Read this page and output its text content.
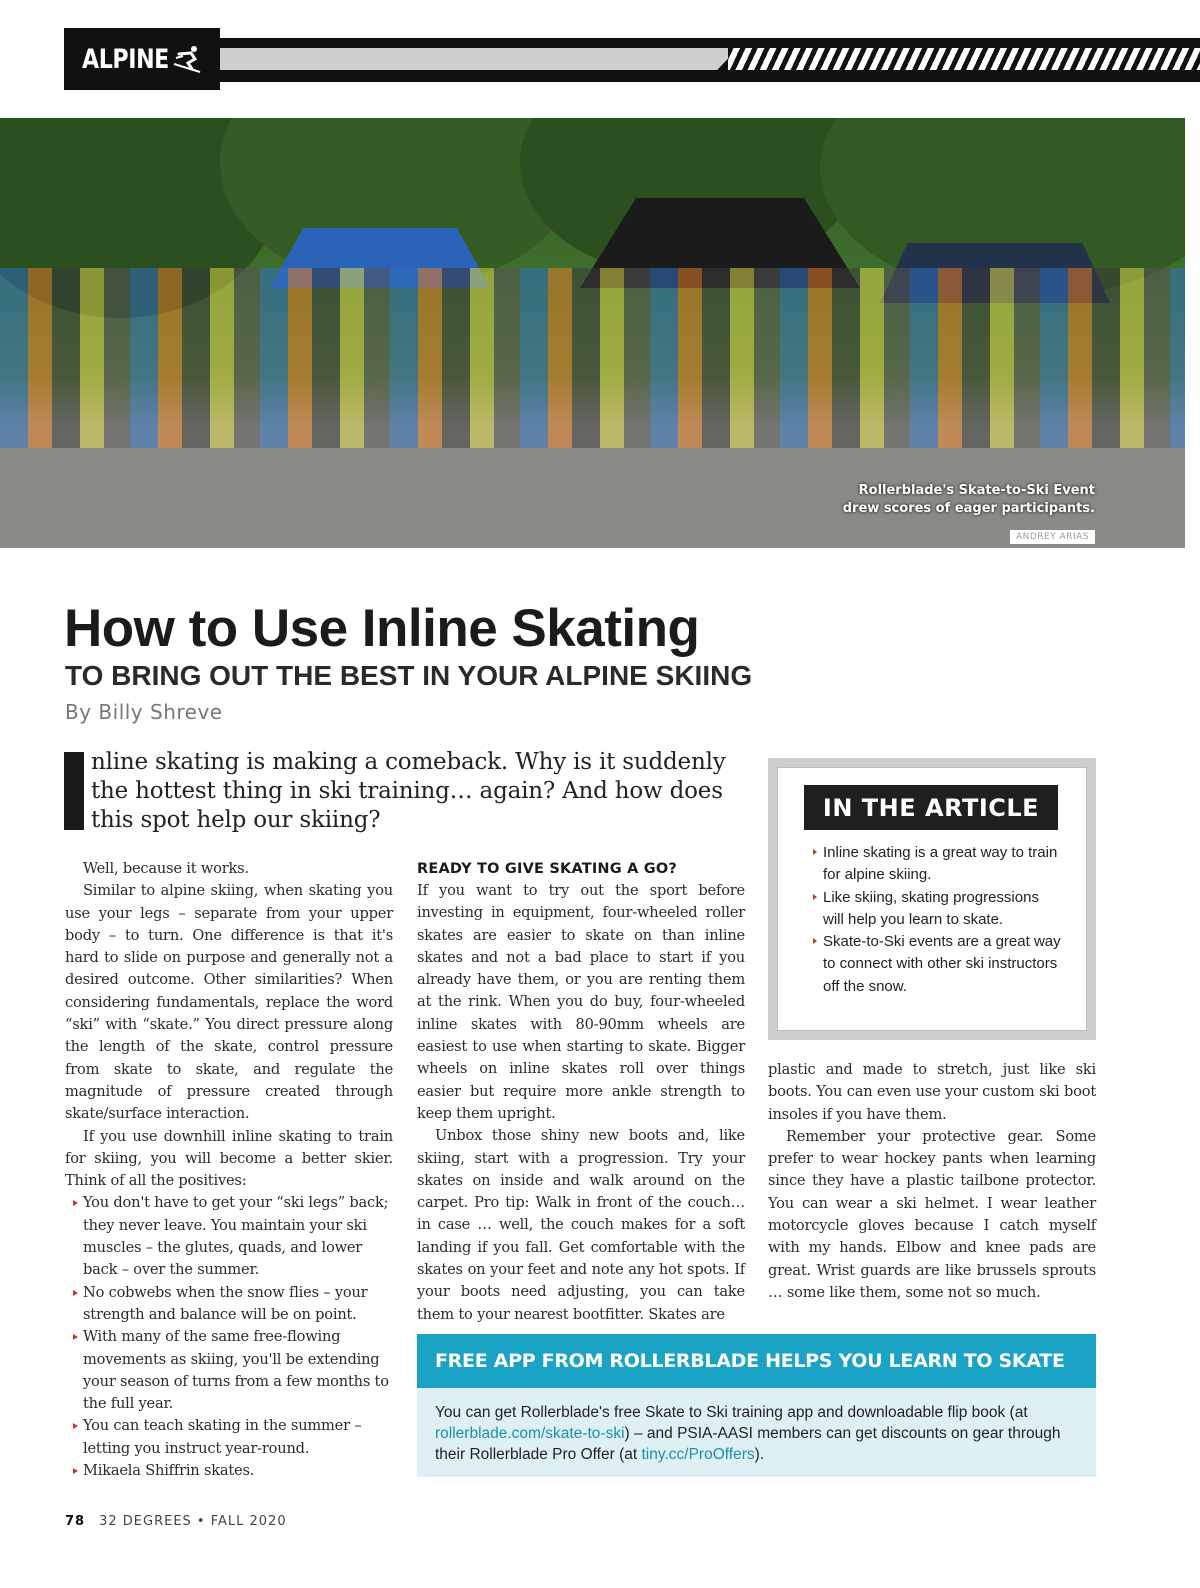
ALPINE
Rollerblade's Skate-to-Ski Event
drew scores of eager participants.
ANDREY ARIAS
How to Use Inline Skating
TO BRING OUT THE BEST IN YOUR ALPINE SKIING
By Billy Shreve

nline skating is making a comeback. Why is it suddenly the hottest thing in ski training… again? And how does this spot help our skiing?

Well, because it works.

Similar to alpine skiing, when skating you use your legs – separate from your upper body – to turn. One difference is that it's hard to slide on purpose and generally not a desired outcome. Other similarities? When considering fundamentals, replace the word “ski” with “skate.” You direct pressure along the length of the skate, control pressure from skate to skate, and regulate the magnitude of pressure created through skate/surface interaction.

If you use downhill inline skating to train for skiing, you will become a better skier. Think of all the positives:

You don't have to get your “ski legs” back; they never leave. You maintain your ski muscles – the glutes, quads, and lower back – over the summer.
No cobwebs when the snow flies – your strength and balance will be on point.
With many of the same free-flowing movements as skiing, you'll be extending your season of turns from a few months to the full year.
You can teach skating in the summer – letting you instruct year-round.
Mikaela Shiffrin skates.
READY TO GIVE SKATING A GO?

If you want to try out the sport before investing in equipment, four-wheeled roller skates are easier to skate on than inline skates and not a bad place to start if you already have them, or you are renting them at the rink. When you do buy, four-wheeled inline skates with 80-90mm wheels are easiest to use when starting to skate. Bigger wheels on inline skates roll over things easier but require more ankle strength to keep them upright.

Unbox those shiny new boots and, like skiing, start with a progression. Try your skates on inside and walk around on the carpet. Pro tip: Walk in front of the couch… in case … well, the couch makes for a soft landing if you fall. Get comfortable with the skates on your feet and note any hot spots. If your boots need adjusting, you can take them to your nearest bootfitter. Skates are

IN THE ARTICLE
Inline skating is a great way to train for alpine skiing.
Like skiing, skating progressions will help you learn to skate.
Skate-to-Ski events are a great way to connect with other ski instructors off the snow.

plastic and made to stretch, just like ski boots. You can even use your custom ski boot insoles if you have them.

Remember your protective gear. Some prefer to wear hockey pants when learning since they have a plastic tailbone protector. You can wear a ski helmet. I wear leather motorcycle gloves because I catch myself with my hands. Elbow and knee pads are great. Wrist guards are like brussels sprouts … some like them, some not so much.

FREE APP FROM ROLLERBLADE HELPS YOU LEARN TO SKATE
You can get Rollerblade's free Skate to Ski training app and downloadable flip book (at rollerblade.com/skate-to-ski) – and PSIA-AASI members can get discounts on gear through their Rollerblade Pro Offer (at tiny.cc/ProOffers).
78 32 DEGREES • FALL 2020
